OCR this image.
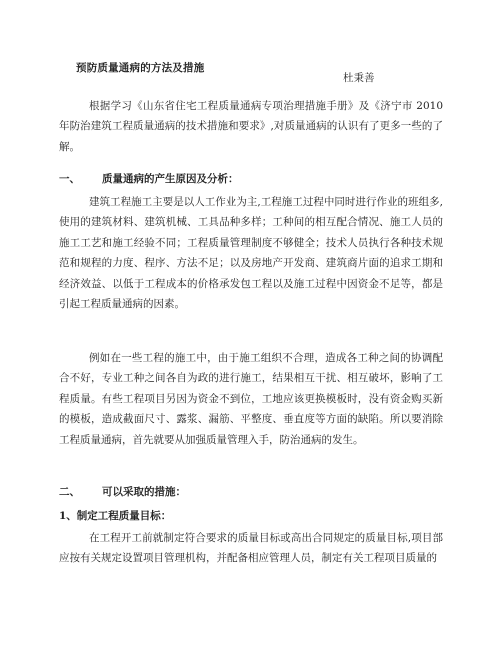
预防质量通病的方法及措施
杜秉善

根据学习《山东省住宅工程质量通病专项治理措施手册》及《济宁市 2010 年防治建筑工程质量通病的技术措施和要求》,对质量通病的认识有了更多一些的了解。

一、 质量通病的产生原因及分析：

建筑工程施工主要是以人工作业为主,工程施工过程中同时进行作业的班组多,使用的建筑材料、建筑机械、工具品种多样；工种间的相互配合情况、施工人员的施工工艺和施工经验不同；工程质量管理制度不够健全；技术人员执行各种技术规范和规程的力度、程序、方法不足；以及房地产开发商、建筑商片面的追求工期和经济效益、以低于工程成本的价格承发包工程以及施工过程中因资金不足等，都是引起工程质量通病的因素。

例如在一些工程的施工中，由于施工组织不合理，造成各工种之间的协调配合不好，专业工种之间各自为政的进行施工，结果相互干扰、相互破坏，影响了工程质量。有些工程项目另因为资金不到位，工地应该更换模板时，没有资金购买新的模板，造成截面尺寸、露浆、漏筋、平整度、垂直度等方面的缺陷。所以要消除工程质量通病，首先就要从加强质量管理入手，防治通病的发生。

二、 可以采取的措施：
1、制定工程质量目标：

在工程开工前就制定符合要求的质量目标或高出合同规定的质量目标,项目部应按有关规定设置项目管理机构，并配备相应管理人员，制定有关工程项目质量的
